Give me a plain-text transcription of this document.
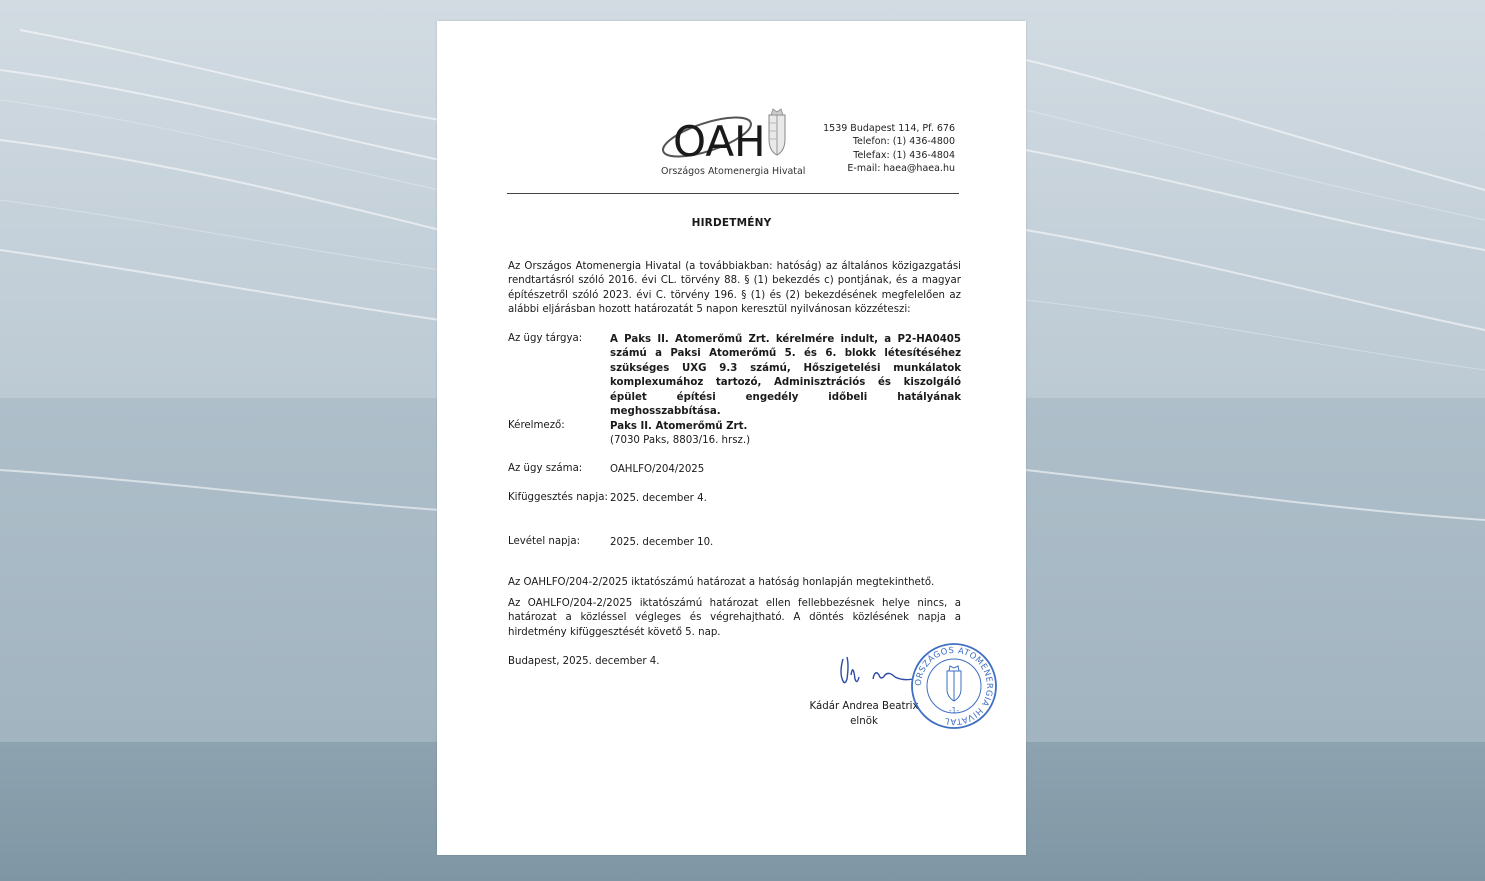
OAH
Országos Atomenergia Hivatal
1539 Budapest 114, Pf. 676
Telefon: (1) 436-4800
Telefax: (1) 436-4804
E-mail: haea@haea.hu
HIRDETMÉNY
Az Országos Atomenergia Hivatal (a továbbiakban: hatóság) az általános közigazgatási rendtartásról szóló 2016. évi CL. törvény 88. § (1) bekezdés c) pontjának, és a magyar építészetről szóló 2023. évi C. törvény 196. § (1) és (2) bekezdésének megfelelően az alábbi eljárásban hozott határozatát 5 napon keresztül nyilvánosan közzéteszi:
Az ügy tárgya:	A Paks II. Atomerőmű Zrt. kérelmére indult, a P2-HA0405 számú a Paksi Atomerőmű 5. és 6. blokk létesítéséhez szükséges UXG 9.3 számú, Hőszigetelési munkálatok komplexumához tartozó, Adminisztrációs és kiszolgáló épület építési engedély időbeli hatályának meghosszabbítása.
Kérelmező:	Paks II. Atomerőmű Zrt.
(7030 Paks, 8803/16. hrsz.)
Az ügy száma:	OAHLFO/204/2025
Kifüggesztés napja: 2025. december 4.
Levétel napja:	2025. december 10.
Az OAHLFO/204-2/2025 iktatószámú határozat a hatóság honlapján megtekinthető.
Az OAHLFO/204-2/2025 iktatószámú határozat ellen fellebbezésnek helye nincs, a határozat a közléssel végleges és végrehajtható. A döntés közlésének napja a hirdetmény kifüggesztését követő 5. nap.
Budapest, 2025. december 4.
Kádár Andrea Beatrix
elnök
ORSZÁGOS ATOMENERGIA HIVATAL
-1-
